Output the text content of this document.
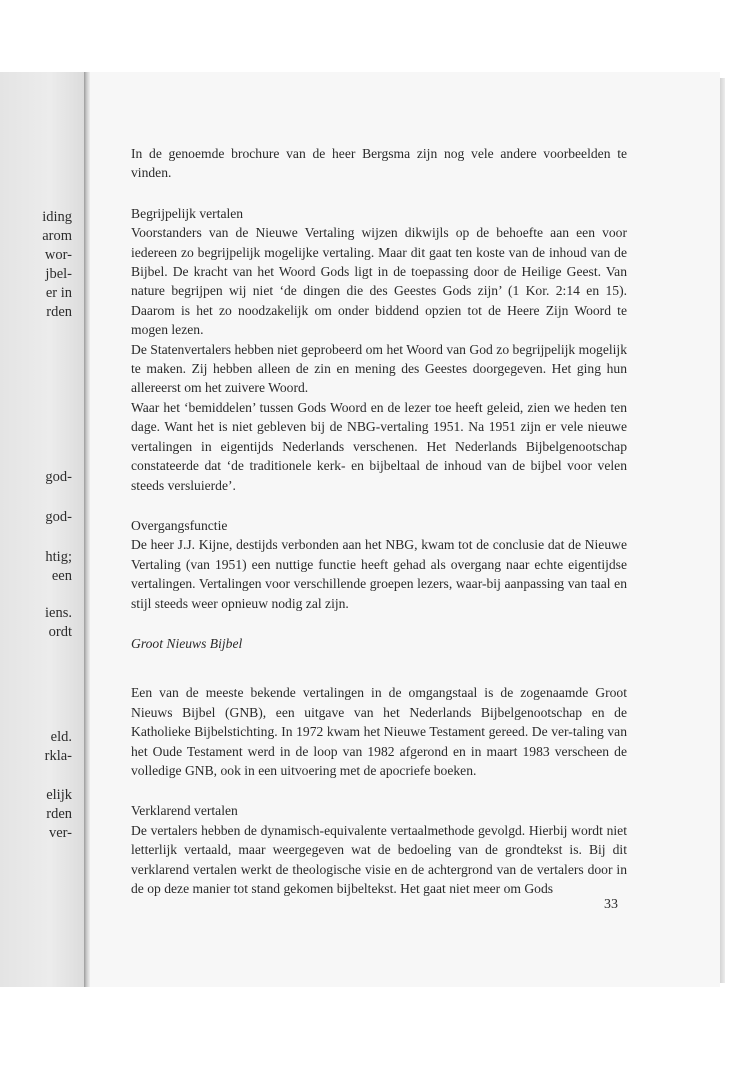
iding
arom
wor-
jbel-
er in
rden
god-
god-
htig;
een
iens.
ordt
eld.
rkla-
elijk
rden
ver-

In de genoemde brochure van de heer Bergsma zijn nog vele andere voorbeelden te vinden.

Begrijpelijk vertalen

Voorstanders van de Nieuwe Vertaling wijzen dikwijls op de behoefte aan een voor iedereen zo begrijpelijk mogelijke vertaling. Maar dit gaat ten koste van de inhoud van de Bijbel. De kracht van het Woord Gods ligt in de toepassing door de Heilige Geest. Van nature begrijpen wij niet ‘de dingen die des Geestes Gods zijn’ (1 Kor. 2:14 en 15). Daarom is het zo noodzakelijk om onder biddend opzien tot de Heere Zijn Woord te mogen lezen.

De Statenvertalers hebben niet geprobeerd om het Woord van God zo begrijpelijk mogelijk te maken. Zij hebben alleen de zin en mening des Geestes doorgegeven. Het ging hun allereerst om het zuivere Woord.

Waar het ‘bemiddelen’ tussen Gods Woord en de lezer toe heeft geleid, zien we heden ten dage. Want het is niet gebleven bij de NBG-vertaling 1951. Na 1951 zijn er vele nieuwe vertalingen in eigentijds Nederlands verschenen. Het Nederlands Bijbelgenootschap constateerde dat ‘de traditionele kerk- en bijbeltaal de inhoud van de bijbel voor velen steeds versluierde’.

Overgangsfunctie

De heer J.J. Kijne, destijds verbonden aan het NBG, kwam tot de conclusie dat de Nieuwe Vertaling (van 1951) een nuttige functie heeft gehad als overgang naar echte eigentijdse vertalingen. Vertalingen voor verschillende groepen lezers, waar-bij aanpassing van taal en stijl steeds weer opnieuw nodig zal zijn.

Groot Nieuws Bijbel

Een van de meeste bekende vertalingen in de omgangstaal is de zogenaamde Groot Nieuws Bijbel (GNB), een uitgave van het Nederlands Bijbelgenootschap en de Katholieke Bijbelstichting. In 1972 kwam het Nieuwe Testament gereed. De ver-taling van het Oude Testament werd in de loop van 1982 afgerond en in maart 1983 verscheen de volledige GNB, ook in een uitvoering met de apocriefe boeken.

Verklarend vertalen

De vertalers hebben de dynamisch-equivalente vertaalmethode gevolgd. Hierbij wordt niet letterlijk vertaald, maar weergegeven wat de bedoeling van de grondtekst is. Bij dit verklarend vertalen werkt de theologische visie en de achtergrond van de vertalers door in de op deze manier tot stand gekomen bijbeltekst. Het gaat niet meer om Gods

33
